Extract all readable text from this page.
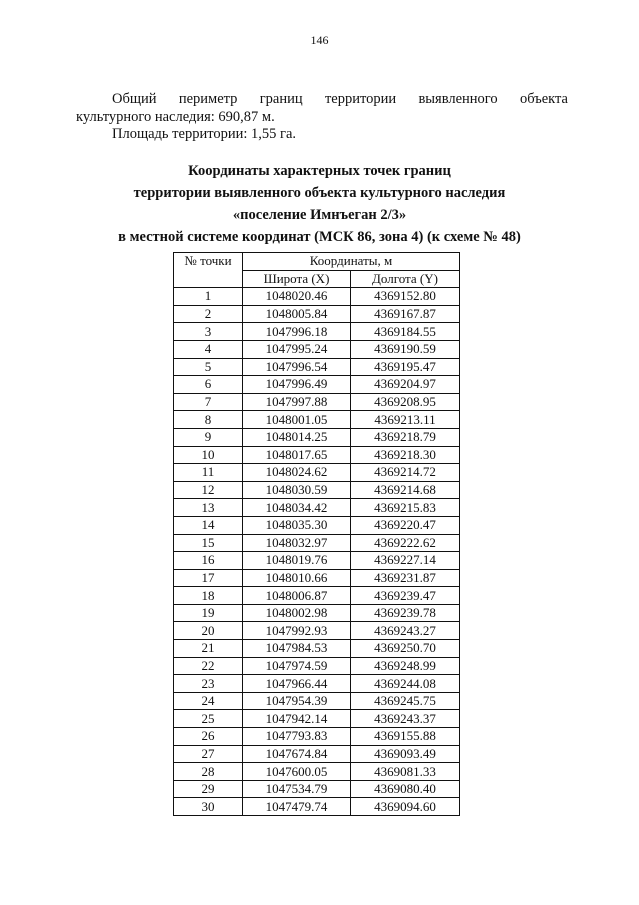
146
Общий периметр границ территории выявленного объекта
культурного наследия: 690,87 м.
Площадь территории: 1,55 га.
Координаты характерных точек границ
территории выявленного объекта культурного наследия
«поселение Имнъеган 2/3»
в местной системе координат (МСК 86, зона 4) (к схеме № 48)
№ точки	Координаты, м	
	Широта (X)	Долгота (Y)
1	1048020.46	4369152.80
2	1048005.84	4369167.87
3	1047996.18	4369184.55
4	1047995.24	4369190.59
5	1047996.54	4369195.47
6	1047996.49	4369204.97
7	1047997.88	4369208.95
8	1048001.05	4369213.11
9	1048014.25	4369218.79
10	1048017.65	4369218.30
11	1048024.62	4369214.72
12	1048030.59	4369214.68
13	1048034.42	4369215.83
14	1048035.30	4369220.47
15	1048032.97	4369222.62
16	1048019.76	4369227.14
17	1048010.66	4369231.87
18	1048006.87	4369239.47
19	1048002.98	4369239.78
20	1047992.93	4369243.27
21	1047984.53	4369250.70
22	1047974.59	4369248.99
23	1047966.44	4369244.08
24	1047954.39	4369245.75
25	1047942.14	4369243.37
26	1047793.83	4369155.88
27	1047674.84	4369093.49
28	1047600.05	4369081.33
29	1047534.79	4369080.40
30	1047479.74	4369094.60
